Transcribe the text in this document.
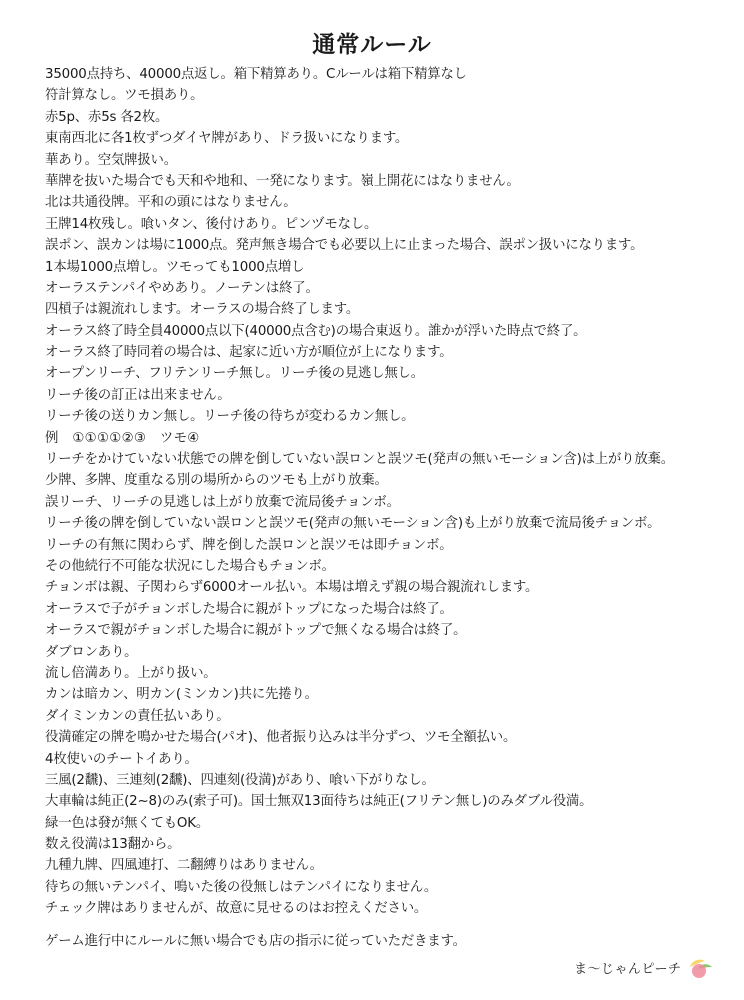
通常ルール
35000点持ち、40000点返し。箱下精算あり。Cルールは箱下精算なし
符計算なし。ツモ損あり。
赤5p、赤5s 各2枚。
東南西北に各1枚ずつダイヤ牌があり、ドラ扱いになります。
華あり。空気牌扱い。
華牌を抜いた場合でも天和や地和、一発になります。嶺上開花にはなりません。
北は共通役牌。平和の頭にはなりません。
王牌14枚残し。喰いタン、後付けあり。ピンヅモなし。
誤ポン、誤カンは場に1000点。発声無き場合でも必要以上に止まった場合、誤ポン扱いになります。
1本場1000点増し。ツモっても1000点増し
オーラステンパイやめあり。ノーテンは終了。
四槓子は親流れします。オーラスの場合終了します。
オーラス終了時全員40000点以下(40000点含む)の場合東返り。誰かが浮いた時点で終了。
オーラス終了時同着の場合は、起家に近い方が順位が上になります。
オープンリーチ、フリテンリーチ無し。リーチ後の見逃し無し。
リーチ後の訂正は出来ません。
リーチ後の送りカン無し。リーチ後の待ちが変わるカン無し。
例　①①①①②③　ツモ④
リーチをかけていない状態での牌を倒していない誤ロンと誤ツモ(発声の無いモーション含)は上がり放棄。
少牌、多牌、度重なる別の場所からのツモも上がり放棄。
誤リーチ、リーチの見逃しは上がり放棄で流局後チョンボ。
リーチ後の牌を倒していない誤ロンと誤ツモ(発声の無いモーション含)も上がり放棄で流局後チョンボ。
リーチの有無に関わらず、牌を倒した誤ロンと誤ツモは即チョンボ。
その他続行不可能な状況にした場合もチョンボ。
チョンボは親、子関わらず6000オール払い。本場は増えず親の場合親流れします。
オーラスで子がチョンボした場合に親がトップになった場合は終了。
オーラスで親がチョンボした場合に親がトップで無くなる場合は終了。
ダブロンあり。
流し倍満あり。上がり扱い。
カンは暗カン、明カン(ミンカン)共に先捲り。
ダイミンカンの責任払いあり。
役満確定の牌を鳴かせた場合(パオ)、他者振り込みは半分ずつ、ツモ全額払い。
4枚使いのチートイあり。
三風(2飜)、三連刻(2飜)、四連刻(役満)があり、喰い下がりなし。
大車輪は純正(2~8)のみ(索子可)。国士無双13面待ちは純正(フリテン無し)のみダブル役満。
緑一色は發が無くてもOK。
数え役満は13翻から。
九種九牌、四風連打、二翻縛りはありません。
待ちの無いテンパイ、鳴いた後の役無しはテンパイになりません。
チェック牌はありませんが、故意に見せるのはお控えください。
ゲーム進行中にルールに無い場合でも店の指示に従っていただきます。
ま〜じゃんピーチ
